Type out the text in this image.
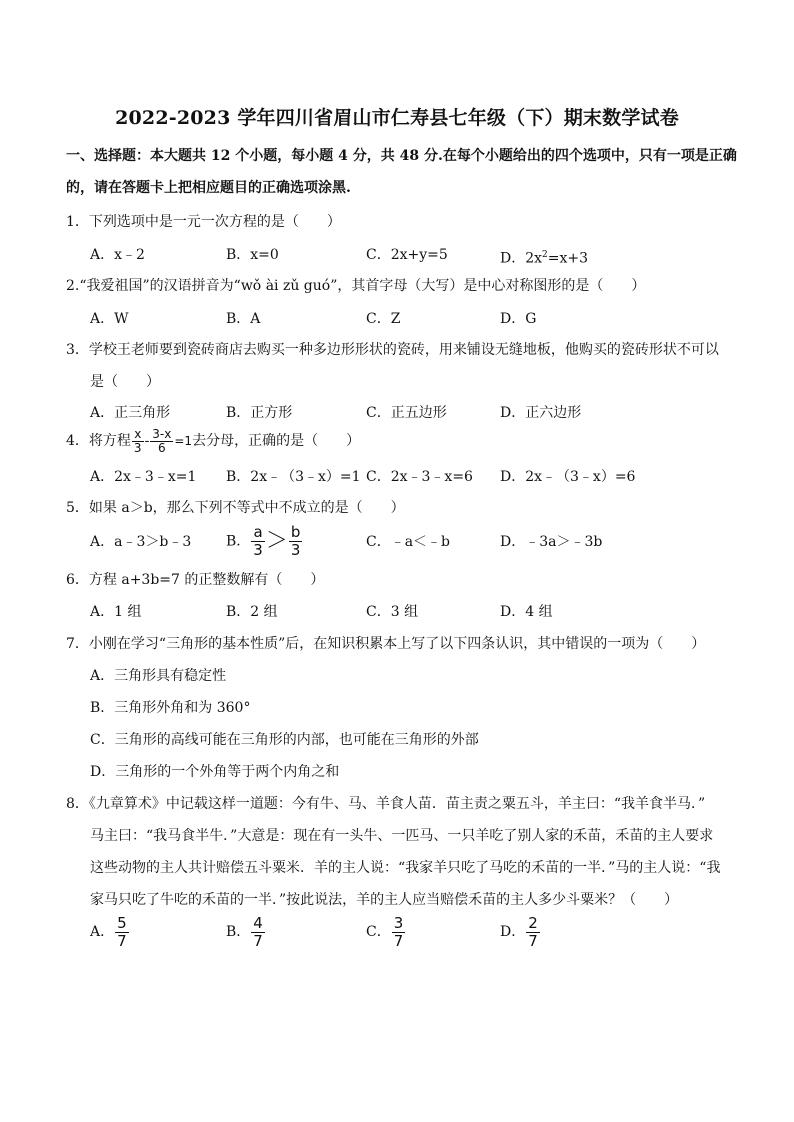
2022-2023 学年四川省眉山市仁寿县七年级（下）期末数学试卷
一、选择题：本大题共 12 个小题，每小题 4 分，共 48 分.在每个小题给出的四个选项中，只有一项是正确
的，请在答题卡上把相应题目的正确选项涂黑.
1．下列选项中是一元一次方程的是（　　）
A．x﹣2	B．x=0	C．2x+y=5	D．$2x^2=x+3$
2.“我爱祖国”的汉语拼音为“wǒ ài zǔ guó”，其首字母（大写）是中心对称图形的是（　　）
A．W	B．A	C．Z	D．G
3．学校王老师要到瓷砖商店去购买一种多边形形状的瓷砖，用来铺设无缝地板，他购买的瓷砖形状不可以
是（　　）
A．正三角形	B．正方形	C．正五边形	D．正六边形
4．将方程 $\frac{x}{3} - \frac{3-x}{6} =1$去分母，正确的是（　　）
A．2x﹣3﹣x=1 B．2x﹣（3﹣x）=1 C．2x﹣3﹣x=6 D．2x﹣（3﹣x）=6
5．如果 a＞b，那么下列不等式中不成立的是（　　）
A．a﹣3＞b﹣3 B． $\frac{a}{3} > \frac{b}{3}$	C．﹣a＜﹣b	D．﹣3a＞﹣3b
6．方程 a+3b=7 的正整数解有（　　）
A．1 组	B．2 组	C．3 组	D．4 组
7．小刚在学习“三角形的基本性质”后，在知识积累本上写了以下四条认识，其中错误的一项为（　　）
A．三角形具有稳定性
B．三角形外角和为 360°
C．三角形的高线可能在三角形的内部，也可能在三角形的外部
D．三角形的一个外角等于两个内角之和
8．《九章算术》中记载这样一道题：今有牛、马、羊食人苗．苗主责之粟五斗，羊主曰：“我羊食半马．”
马主曰：“我马食半牛．”大意是：现在有一头牛、一匹马、一只羊吃了别人家的禾苗，禾苗的主人要求
这些动物的主人共计赔偿五斗粟米．羊的主人说：“我家羊只吃了马吃的禾苗的一半．”马的主人说：“我
家马只吃了牛吃的禾苗的一半．”按此说法，羊的主人应当赔偿禾苗的主人多少斗粟米？（　　）
A． $\frac{5}{7}$	B． $\frac{4}{7}$	C． $\frac{3}{7}$	D． $\frac{2}{7}$
